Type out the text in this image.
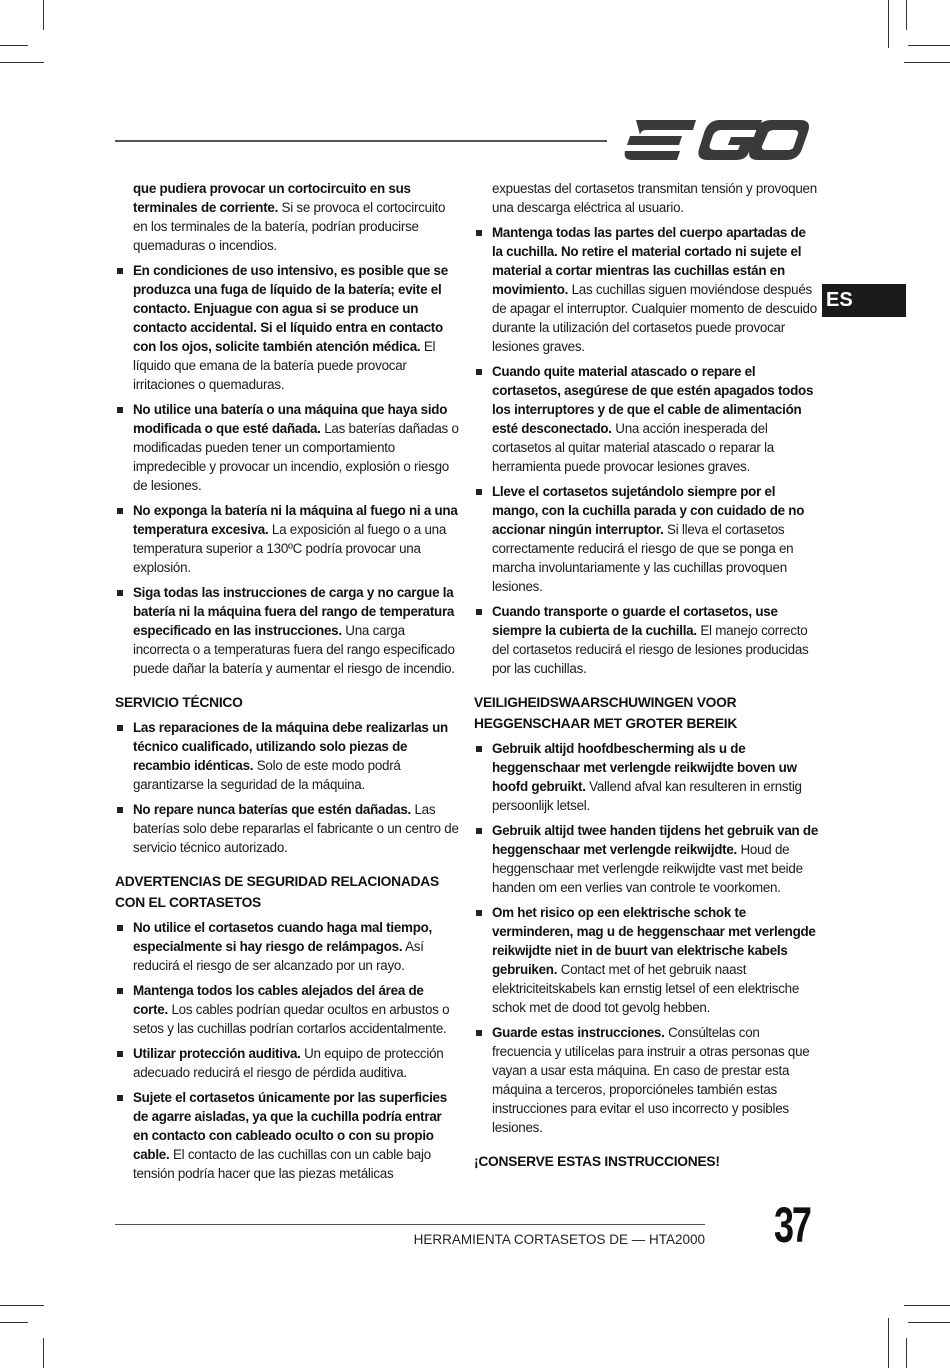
ES

que pudiera provocar un cortocircuito en sus terminales de corriente. Si se provoca el cortocircuito en los terminales de la batería, podrían producirse quemaduras o incendios.

En condiciones de uso intensivo, es posible que se produzca una fuga de líquido de la batería; evite el contacto. Enjuague con agua si se produce un contacto accidental. Si el líquido entra en contacto con los ojos, solicite también atención médica. El líquido que emana de la batería puede provocar irritaciones o quemaduras.
No utilice una batería o una máquina que haya sido modificada o que esté dañada. Las baterías dañadas o modificadas pueden tener un comportamiento impredecible y provocar un incendio, explosión o riesgo de lesiones.
No exponga la batería ni la máquina al fuego ni a una temperatura excesiva. La exposición al fuego o a una temperatura superior a 130ºC podría provocar una explosión.
Siga todas las instrucciones de carga y no cargue la batería ni la máquina fuera del rango de temperatura especificado en las instrucciones. Una carga incorrecta o a temperaturas fuera del rango especificado puede dañar la batería y aumentar el riesgo de incendio.
SERVICIO TÉCNICO
Las reparaciones de la máquina debe realizarlas un técnico cualificado, utilizando solo piezas de recambio idénticas. Solo de este modo podrá garantizarse la seguridad de la máquina.
No repare nunca baterías que estén dañadas. Las baterías solo debe repararlas el fabricante o un centro de servicio técnico autorizado.
ADVERTENCIAS DE SEGURIDAD RELACIONADAS CON EL CORTASETOS
No utilice el cortasetos cuando haga mal tiempo, especialmente si hay riesgo de relámpagos. Así reducirá el riesgo de ser alcanzado por un rayo.
Mantenga todos los cables alejados del área de corte. Los cables podrían quedar ocultos en arbustos o setos y las cuchillas podrían cortarlos accidentalmente.
Utilizar protección auditiva. Un equipo de protección adecuado reducirá el riesgo de pérdida auditiva.
Sujete el cortasetos únicamente por las superficies de agarre aisladas, ya que la cuchilla podría entrar en contacto con cableado oculto o con su propio cable. El contacto de las cuchillas con un cable bajo tensión podría hacer que las piezas metálicas

expuestas del cortasetos transmitan tensión y provoquen una descarga eléctrica al usuario.

Mantenga todas las partes del cuerpo apartadas de la cuchilla. No retire el material cortado ni sujete el material a cortar mientras las cuchillas están en movimiento. Las cuchillas siguen moviéndose después de apagar el interruptor. Cualquier momento de descuido durante la utilización del cortasetos puede provocar lesiones graves.
Cuando quite material atascado o repare el cortasetos, asegúrese de que estén apagados todos los interruptores y de que el cable de alimentación esté desconectado. Una acción inesperada del cortasetos al quitar material atascado o reparar la herramienta puede provocar lesiones graves.
Lleve el cortasetos sujetándolo siempre por el mango, con la cuchilla parada y con cuidado de no accionar ningún interruptor. Si lleva el cortasetos correctamente reducirá el riesgo de que se ponga en marcha involuntariamente y las cuchillas provoquen lesiones.
Cuando transporte o guarde el cortasetos, use siempre la cubierta de la cuchilla. El manejo correcto del cortasetos reducirá el riesgo de lesiones producidas por las cuchillas.
VEILIGHEIDSWAARSCHUWINGEN VOOR HEGGENSCHAAR MET GROTER BEREIK
Gebruik altijd hoofdbescherming als u de heggenschaar met verlengde reikwijdte boven uw hoofd gebruikt. Vallend afval kan resulteren in ernstig persoonlijk letsel.
Gebruik altijd twee handen tijdens het gebruik van de heggenschaar met verlengde reikwijdte. Houd de heggenschaar met verlengde reikwijdte vast met beide handen om een verlies van controle te voorkomen.
Om het risico op een elektrische schok te verminderen, mag u de heggenschaar met verlengde reikwijdte niet in de buurt van elektrische kabels gebruiken. Contact met of het gebruik naast elektriciteitskabels kan ernstig letsel of een elektrische schok met de dood tot gevolg hebben.
Guarde estas instrucciones. Consúltelas con frecuencia y utilícelas para instruir a otras personas que vayan a usar esta máquina. En caso de prestar esta máquina a terceros, proporcióneles también estas instrucciones para evitar el uso incorrecto y posibles lesiones.
¡CONSERVE ESTAS INSTRUCCIONES!
HERRAMIENTA CORTASETOS DE — HTA2000 37
